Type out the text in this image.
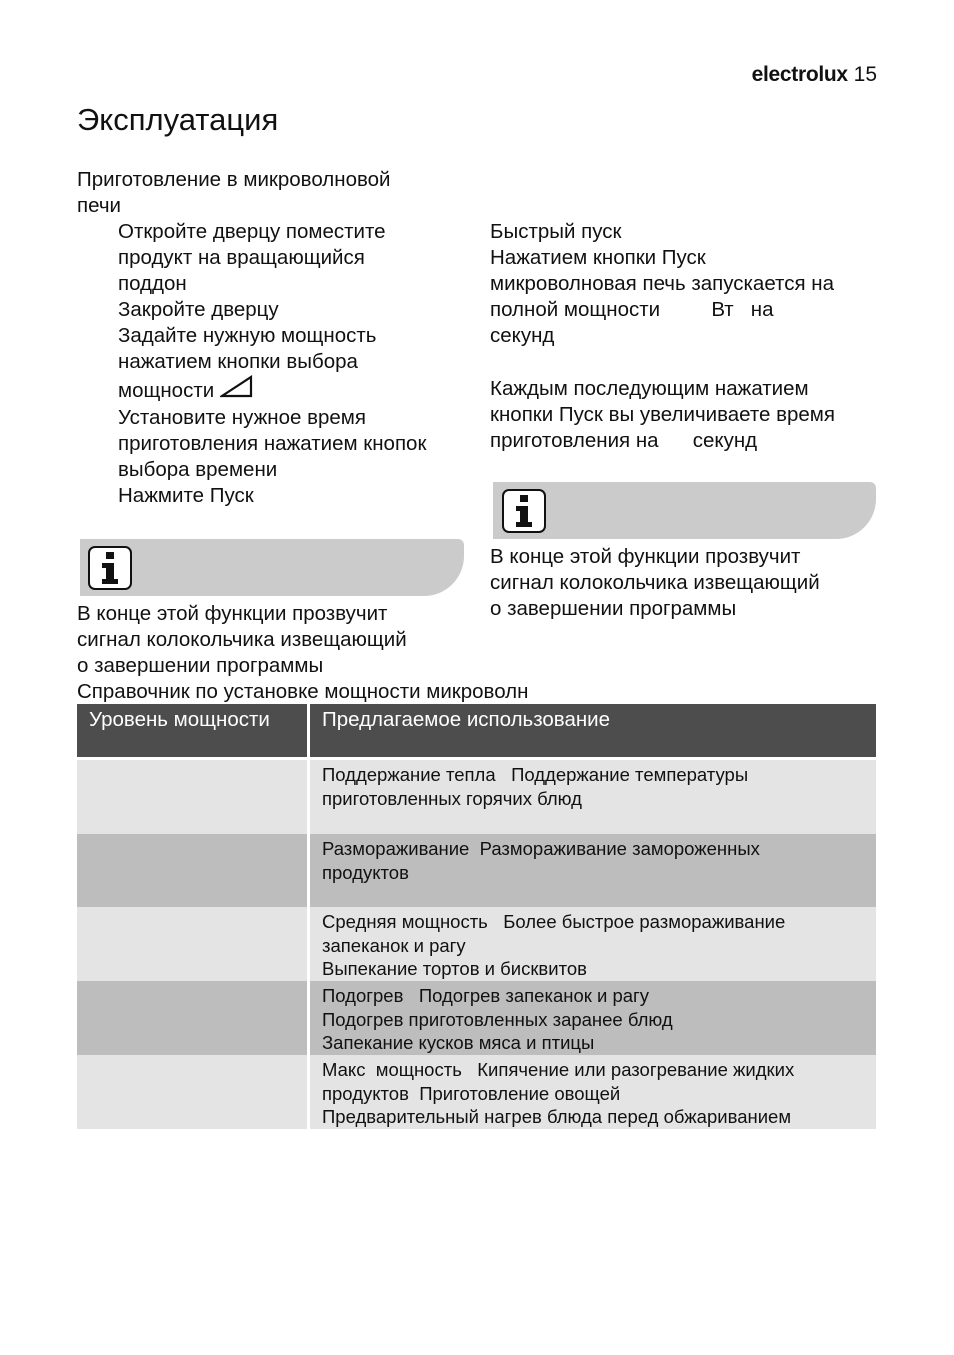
electrolux 15
Эксплуатация

Приготовление в микроволновой

печи

Откройте дверцу поместите

продукт на вращающийся

поддон

Закройте дверцу

Задайте нужную мощность

нажатием кнопки выбора

мощности

Установите нужное время

приготовления нажатием кнопок

выбора времени

Нажмите Пуск

В конце этой функции прозвучит

сигнал колокольчика извещающий

о завершении программы

Быстрый пуск

Нажатием кнопки Пуск

микроволновая печь запускается на

полной мощности         Вт   на

секунд

Каждым последующим нажатием

кнопки Пуск вы увеличиваете время

приготовления на      секунд

В конце этой функции прозвучит

сигнал колокольчика извещающий

о завершении программы

Справочник по установке мощности микроволн
Уровень мощности	Предлагаемое использование

	Поддержание тепла   Поддержание температуры
приготовленных горячих блюд

	Размораживание  Размораживание замороженных
продуктов

	Средняя мощность   Более быстрое размораживание
запеканок и рагу
Выпекание тортов и бисквитов

	Подогрев   Подогрев запеканок и рагу
Подогрев приготовленных заранее блюд
Запекание кусков мяса и птицы

	Макс  мощность   Кипячение или разогревание жидких
продуктов  Приготовление овощей
Предварительный нагрев блюда перед обжариванием
